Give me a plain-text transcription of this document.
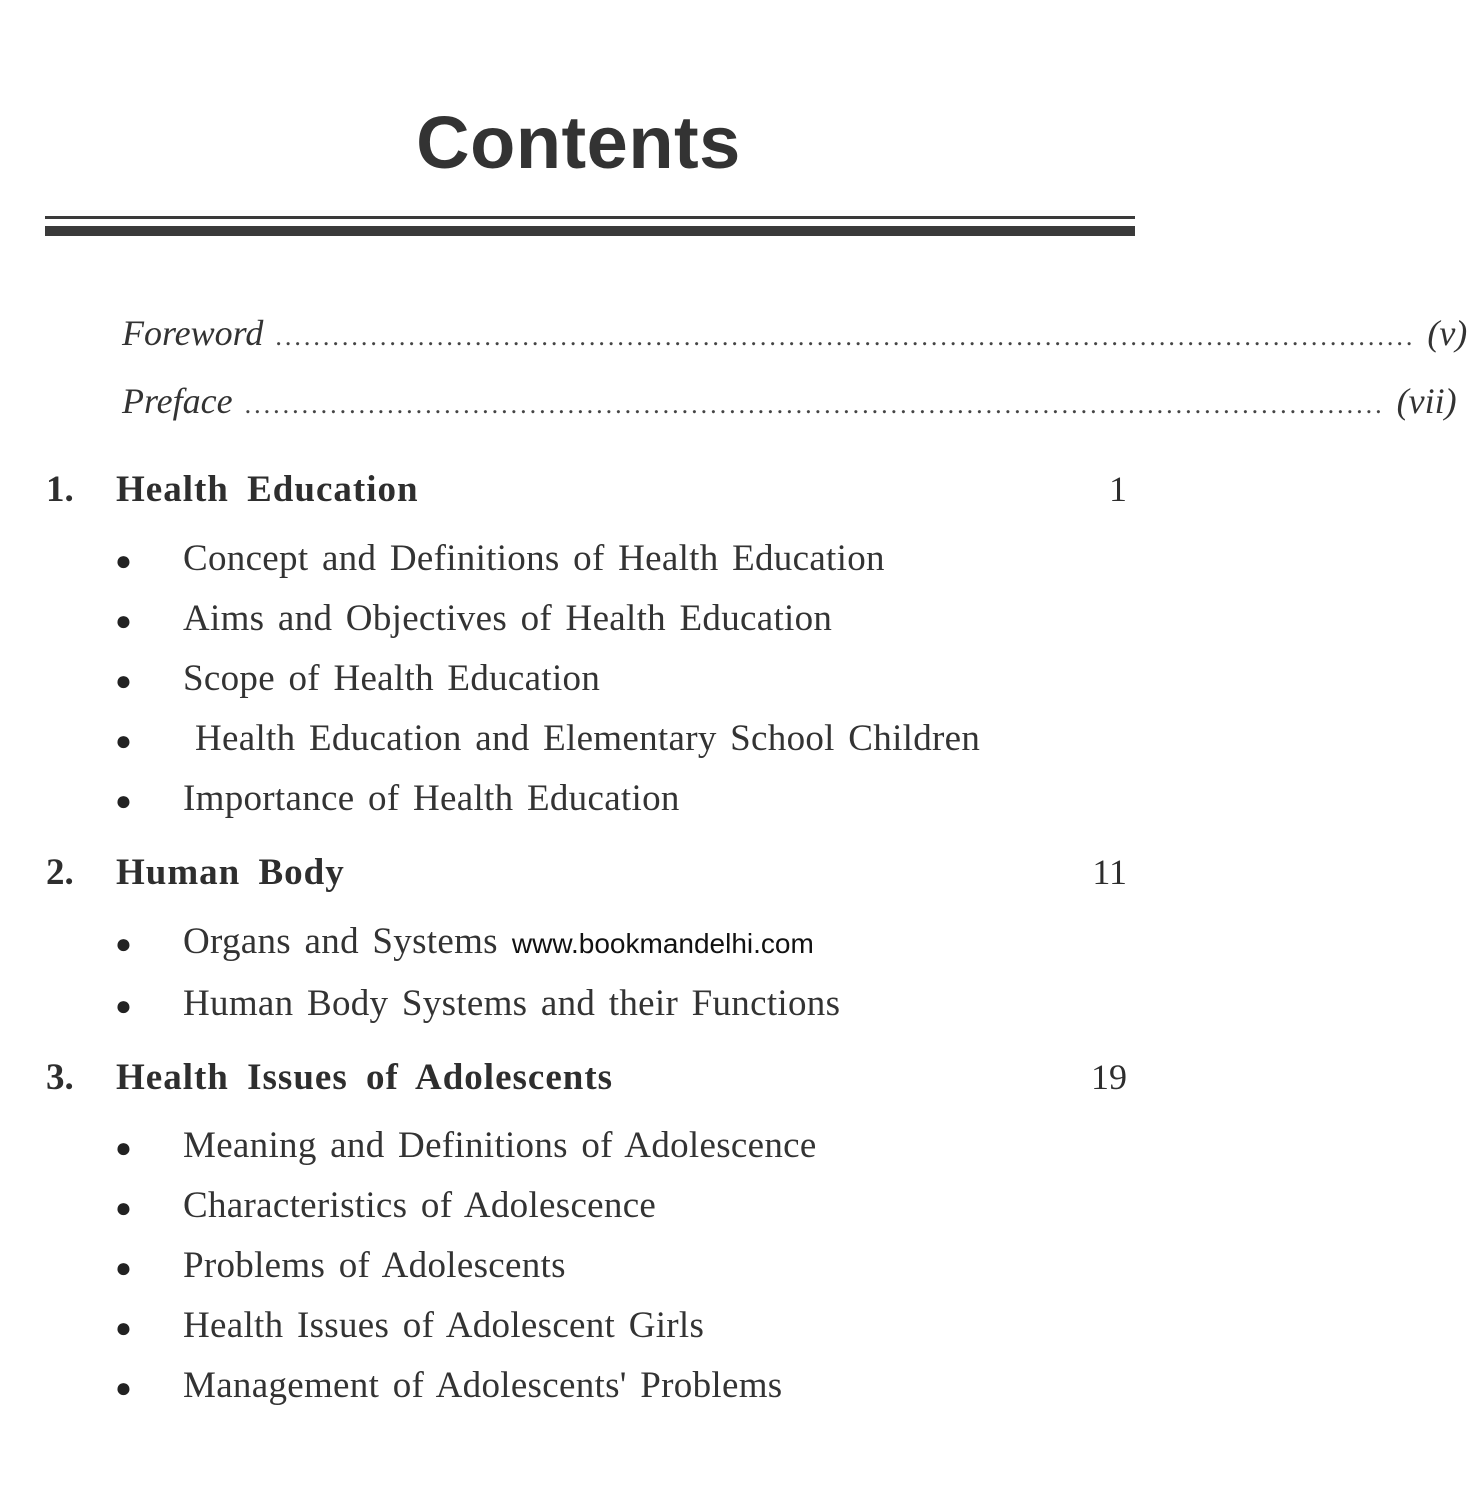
Contents
Foreword ........................................................................................................................ (v)
Preface ........................................................................................................................ (vii)
1.	Health Education	1
●	Concept and Definitions of Health Education
●	Aims and Objectives of Health Education
●	Scope of Health Education
●	Health Education and Elementary School Children
●	Importance of Health Education
2.	Human Body	11
●	Organs and Systems www.bookmandelhi.com
●	Human Body Systems and their Functions
3.	Health Issues of Adolescents	19
●	Meaning and Definitions of Adolescence
●	Characteristics of Adolescence
●	Problems of Adolescents
●	Health Issues of Adolescent Girls
●	Management of Adolescents' Problems
